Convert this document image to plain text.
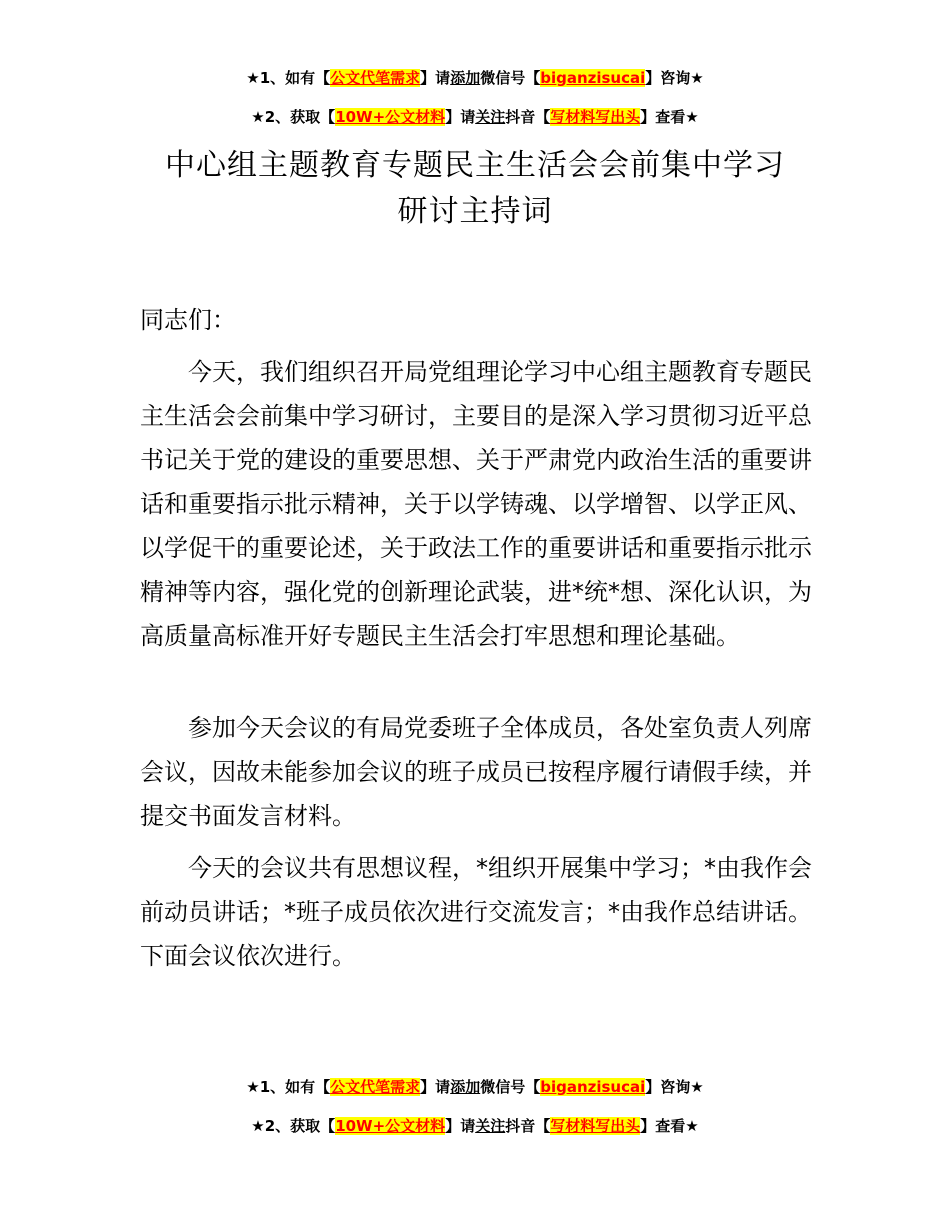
★1、如有【公文代笔需求】请添加微信号【biganzisucai】咨询★
★2、获取【10W+公文材料】请关注抖音【写材料写出头】查看★
中心组主题教育专题民主生活会会前集中学习
研讨主持词
同志们：
今天，我们组织召开局党组理论学习中心组主题教育专题民主生活会会前集中学习研讨，主要目的是深入学习贯彻习近平总书记关于党的建设的重要思想、关于严肃党内政治生活的重要讲话和重要指示批示精神，关于以学铸魂、以学增智、以学正风、以学促干的重要论述，关于政法工作的重要讲话和重要指示批示精神等内容，强化党的创新理论武装，进*统*想、深化认识，为高质量高标准开好专题民主生活会打牢思想和理论基础。
参加今天会议的有局党委班子全体成员，各处室负责人列席会议，因故未能参加会议的班子成员已按程序履行请假手续，并提交书面发言材料。
今天的会议共有思想议程，*组织开展集中学习；*由我作会前动员讲话；*班子成员依次进行交流发言；*由我作总结讲话。下面会议依次进行。
★1、如有【公文代笔需求】请添加微信号【biganzisucai】咨询★
★2、获取【10W+公文材料】请关注抖音【写材料写出头】查看★
